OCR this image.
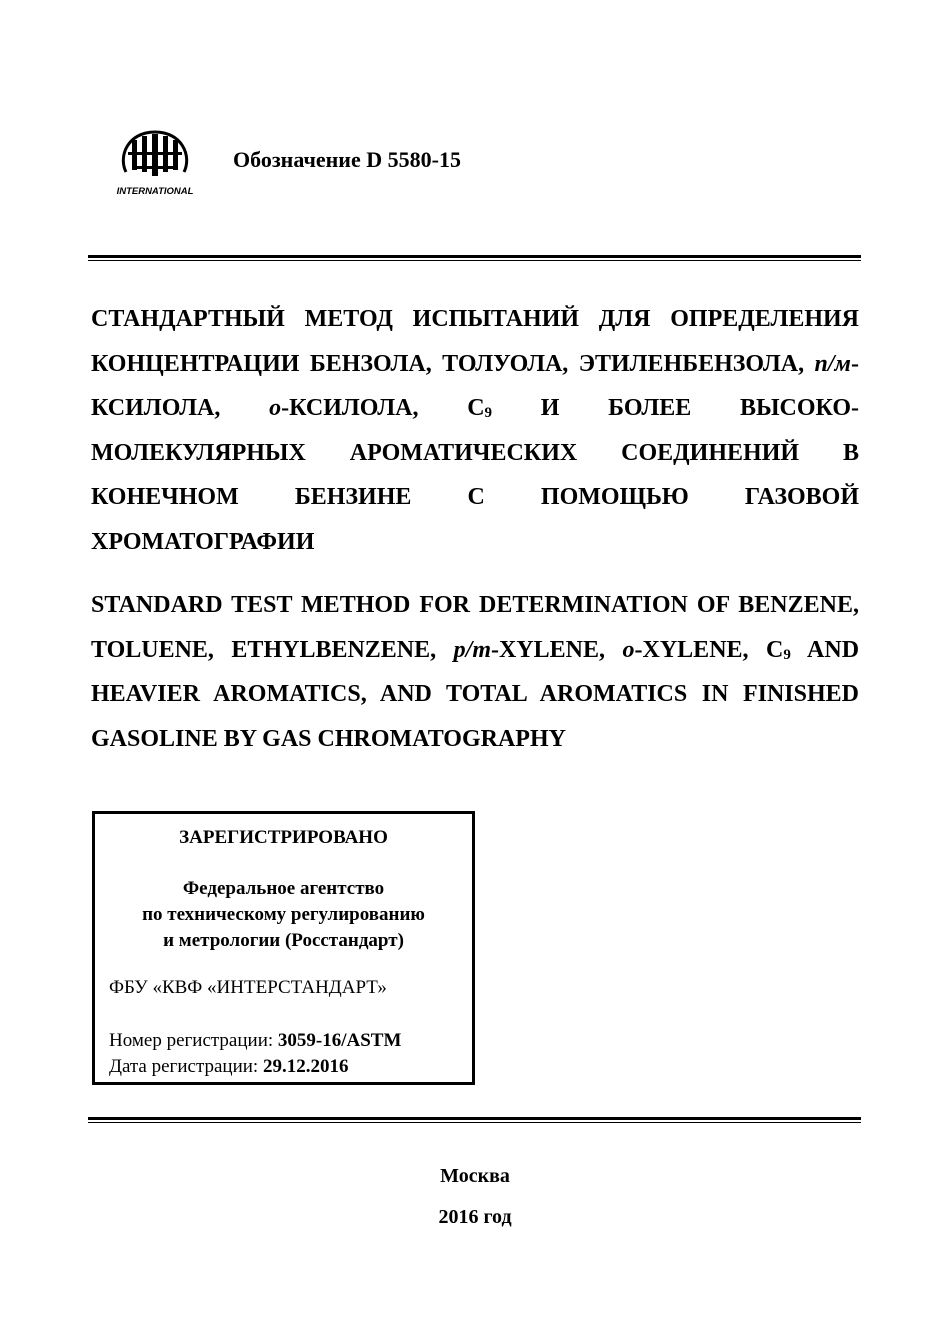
INTERNATIONAL
Обозначение D 5580-15

СТАНДАРТНЫЙ МЕТОД ИСПЫТАНИЙ ДЛЯ ОПРЕДЕЛЕНИЯ КОНЦЕНТРАЦИИ БЕНЗОЛА, ТОЛУОЛА, ЭТИЛЕНБЕНЗОЛА, п/м-КСИЛОЛА, о-КСИЛОЛА, $С_9$ И БОЛЕЕ ВЫСОКО-МОЛЕКУЛЯРНЫХ АРОМАТИЧЕСКИХ СОЕДИНЕНИЙ В КОНЕЧНОМ БЕНЗИНЕ С ПОМОЩЬЮ ГАЗОВОЙ ХРОМАТОГРАФИИ

STANDARD TEST METHOD FOR DETERMINATION OF BENZENE, TOLUENE, ETHYLBENZENE, p/m-XYLENE, o-XYLENE, $C_9$ AND HEAVIER AROMATICS, AND TOTAL AROMATICS IN FINISHED GASOLINE BY GAS CHROMATOGRAPHY

ЗАРЕГИСТРИРОВАНО

Федеральное агентство
по техническому регулированию
и метрологии (Росстандарт)
ФБУ «КВФ «ИНТЕРСТАНДАРТ»
Номер регистрации: 3059-16/ASTM
Дата регистрации: 29.12.2016
Москва
2016 год
